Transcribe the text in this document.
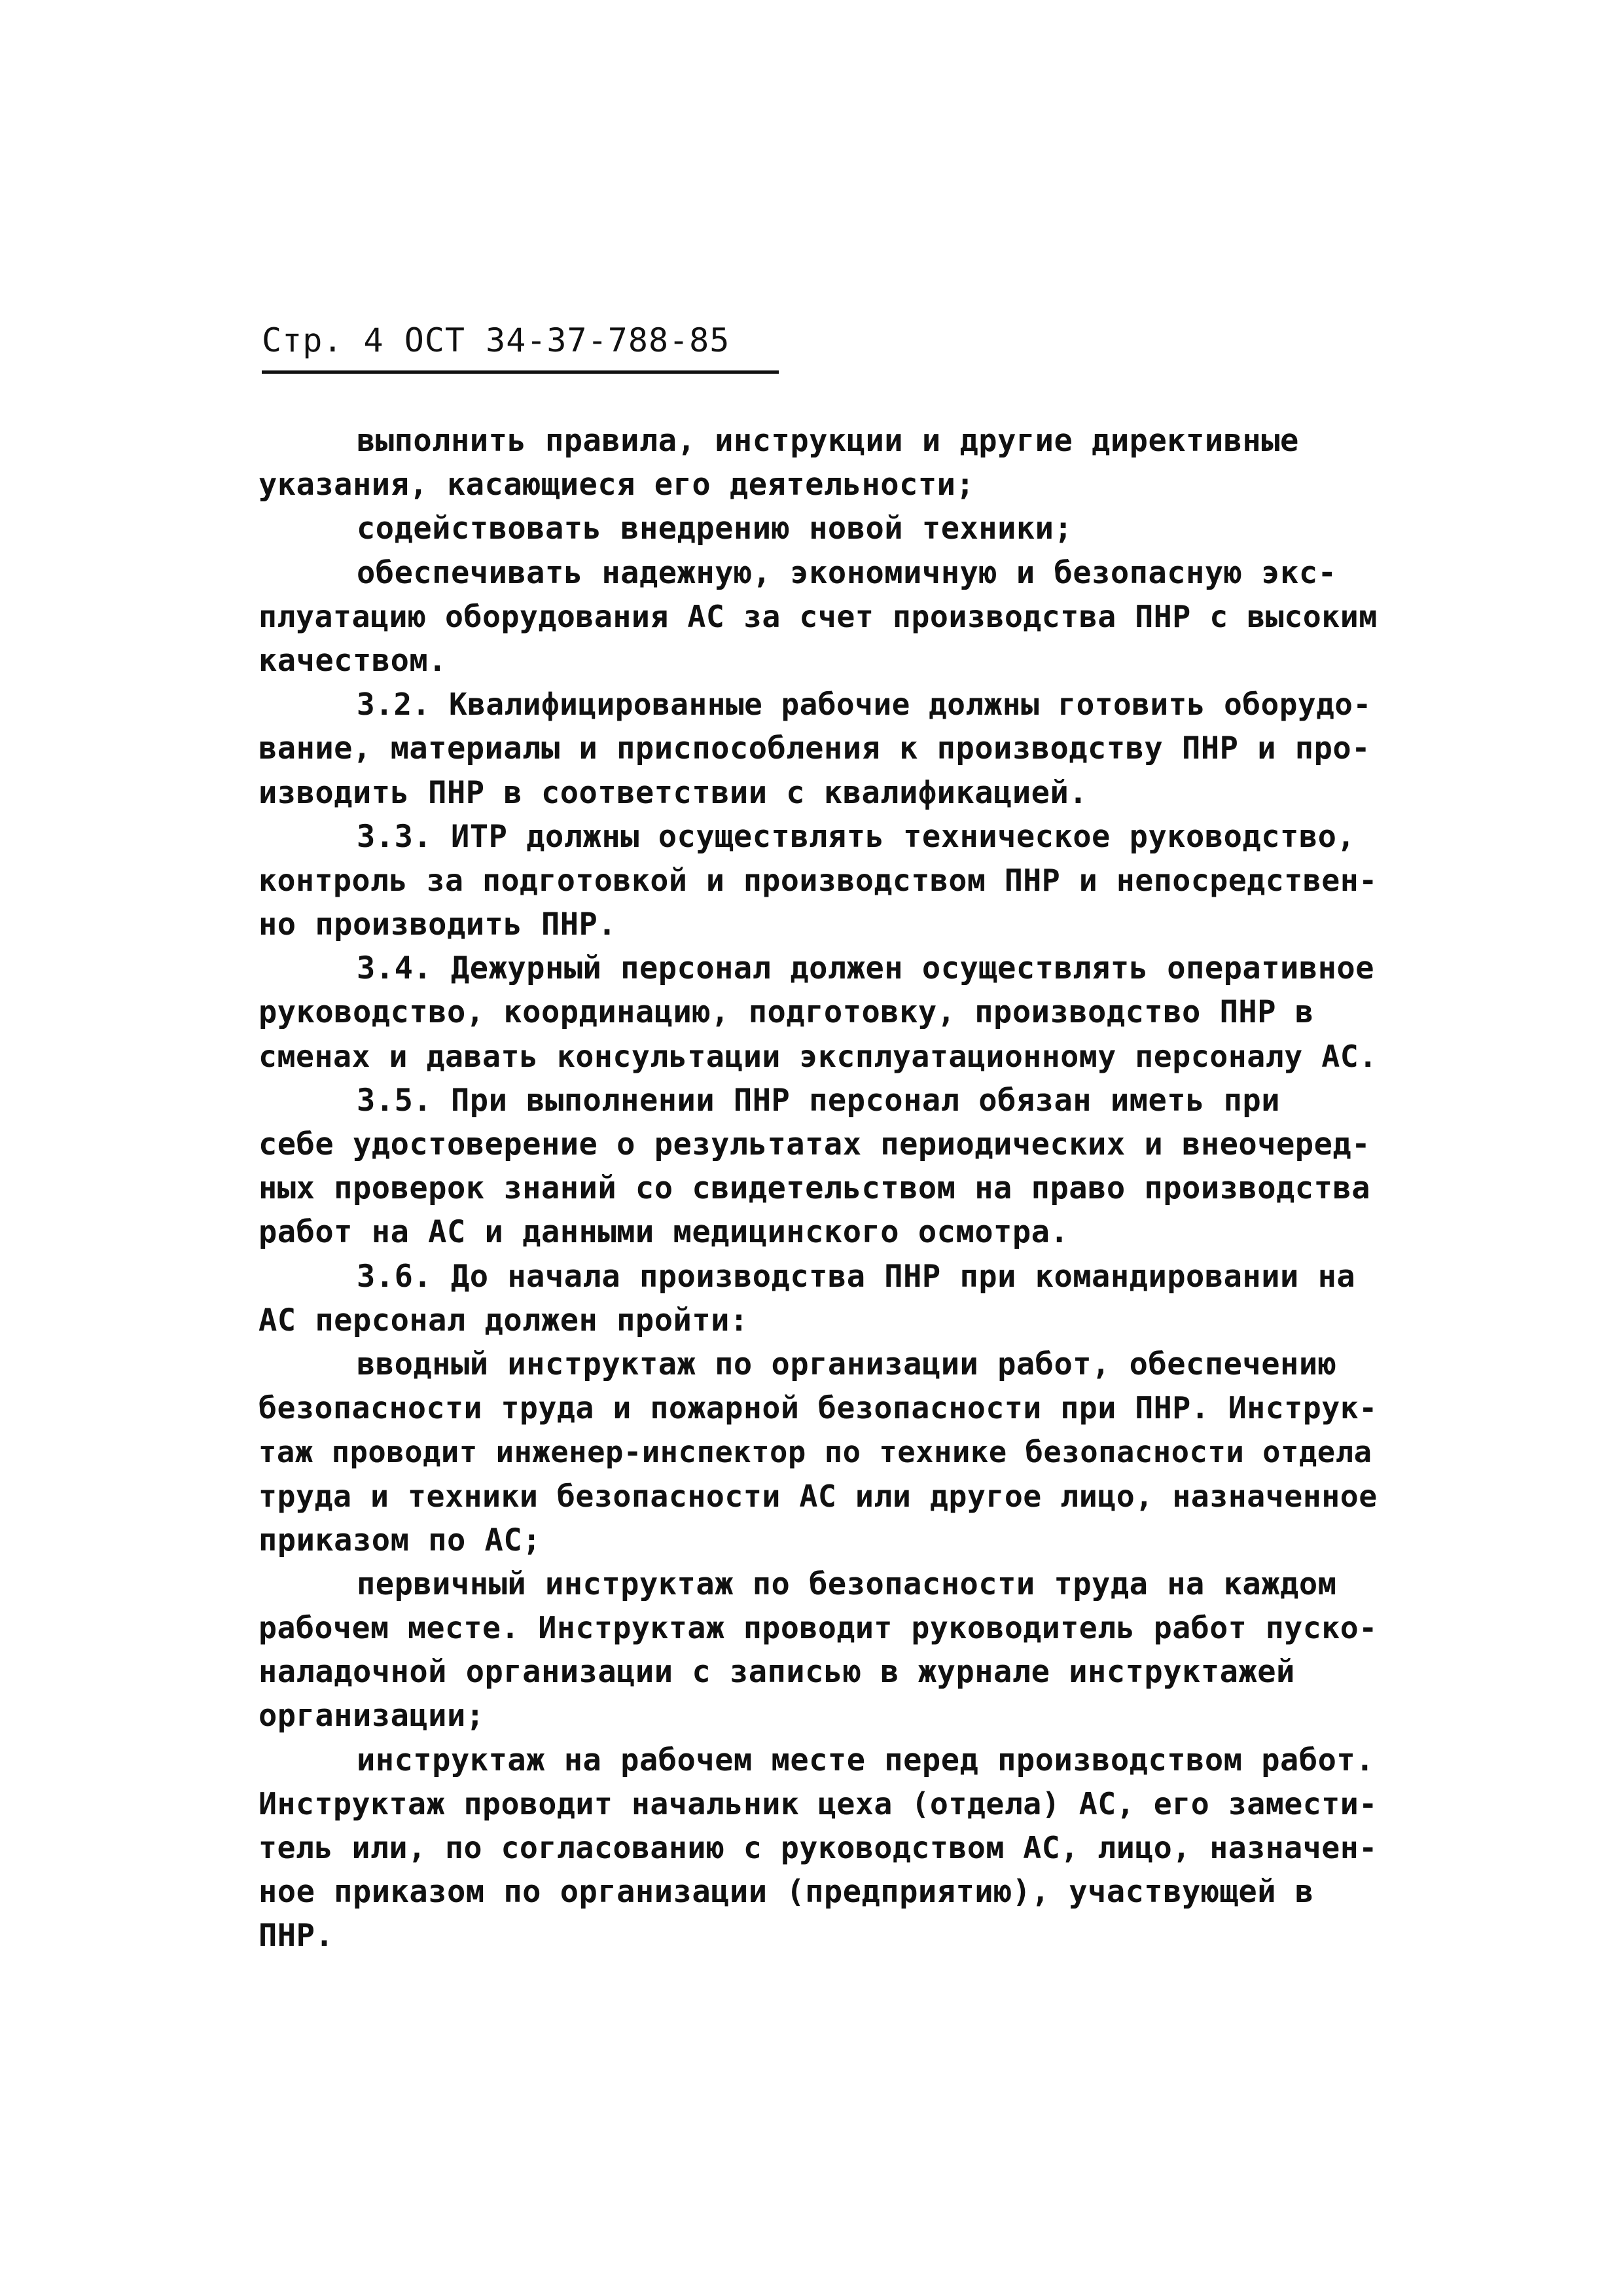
Стр. 4 ОСТ 34-37-788-85
выполнить правила, инструкции и другие директивные
указания, касающиеся его деятельности;
содействовать внедрению новой техники;
обеспечивать надежную, экономичную и безопасную экс-
плуатацию оборудования АС за счет производства ПНР с высоким
качеством.
3.2. Квалифицированные рабочие должны готовить оборудо-
вание, материалы и приспособления к производству ПНР и про-
изводить ПНР в соответствии с квалификацией.
3.3. ИТР должны осуществлять техническое руководство,
контроль за подготовкой и производством ПНР и непосредствен-
но производить ПНР.
3.4. Дежурный персонал должен осуществлять оперативное
руководство, координацию, подготовку, производство ПНР в
сменах и давать консультации эксплуатационному персоналу АС.
3.5. При выполнении ПНР персонал обязан иметь при
себе удостоверение о результатах периодических и внеочеред-
ных проверок знаний со свидетельством на право производства
работ на АС и данными медицинского осмотра.
3.6. До начала производства ПНР при командировании на
АС персонал должен пройти:
вводный инструктаж по организации работ, обеспечению
безопасности труда и пожарной безопасности при ПНР. Инструк-
таж проводит инженер-инспектор по технике безопасности отдела
труда и техники безопасности АС или другое лицо, назначенное
приказом по АС;
первичный инструктаж по безопасности труда на каждом
рабочем месте. Инструктаж проводит руководитель работ пуско-
наладочной организации с записью в журнале инструктажей
организации;
инструктаж на рабочем месте перед производством работ.
Инструктаж проводит начальник цеха (отдела) АС, его замести-
тель или, по согласованию с руководством АС, лицо, назначен-
ное приказом по организации (предприятию), участвующей в
ПНР.
